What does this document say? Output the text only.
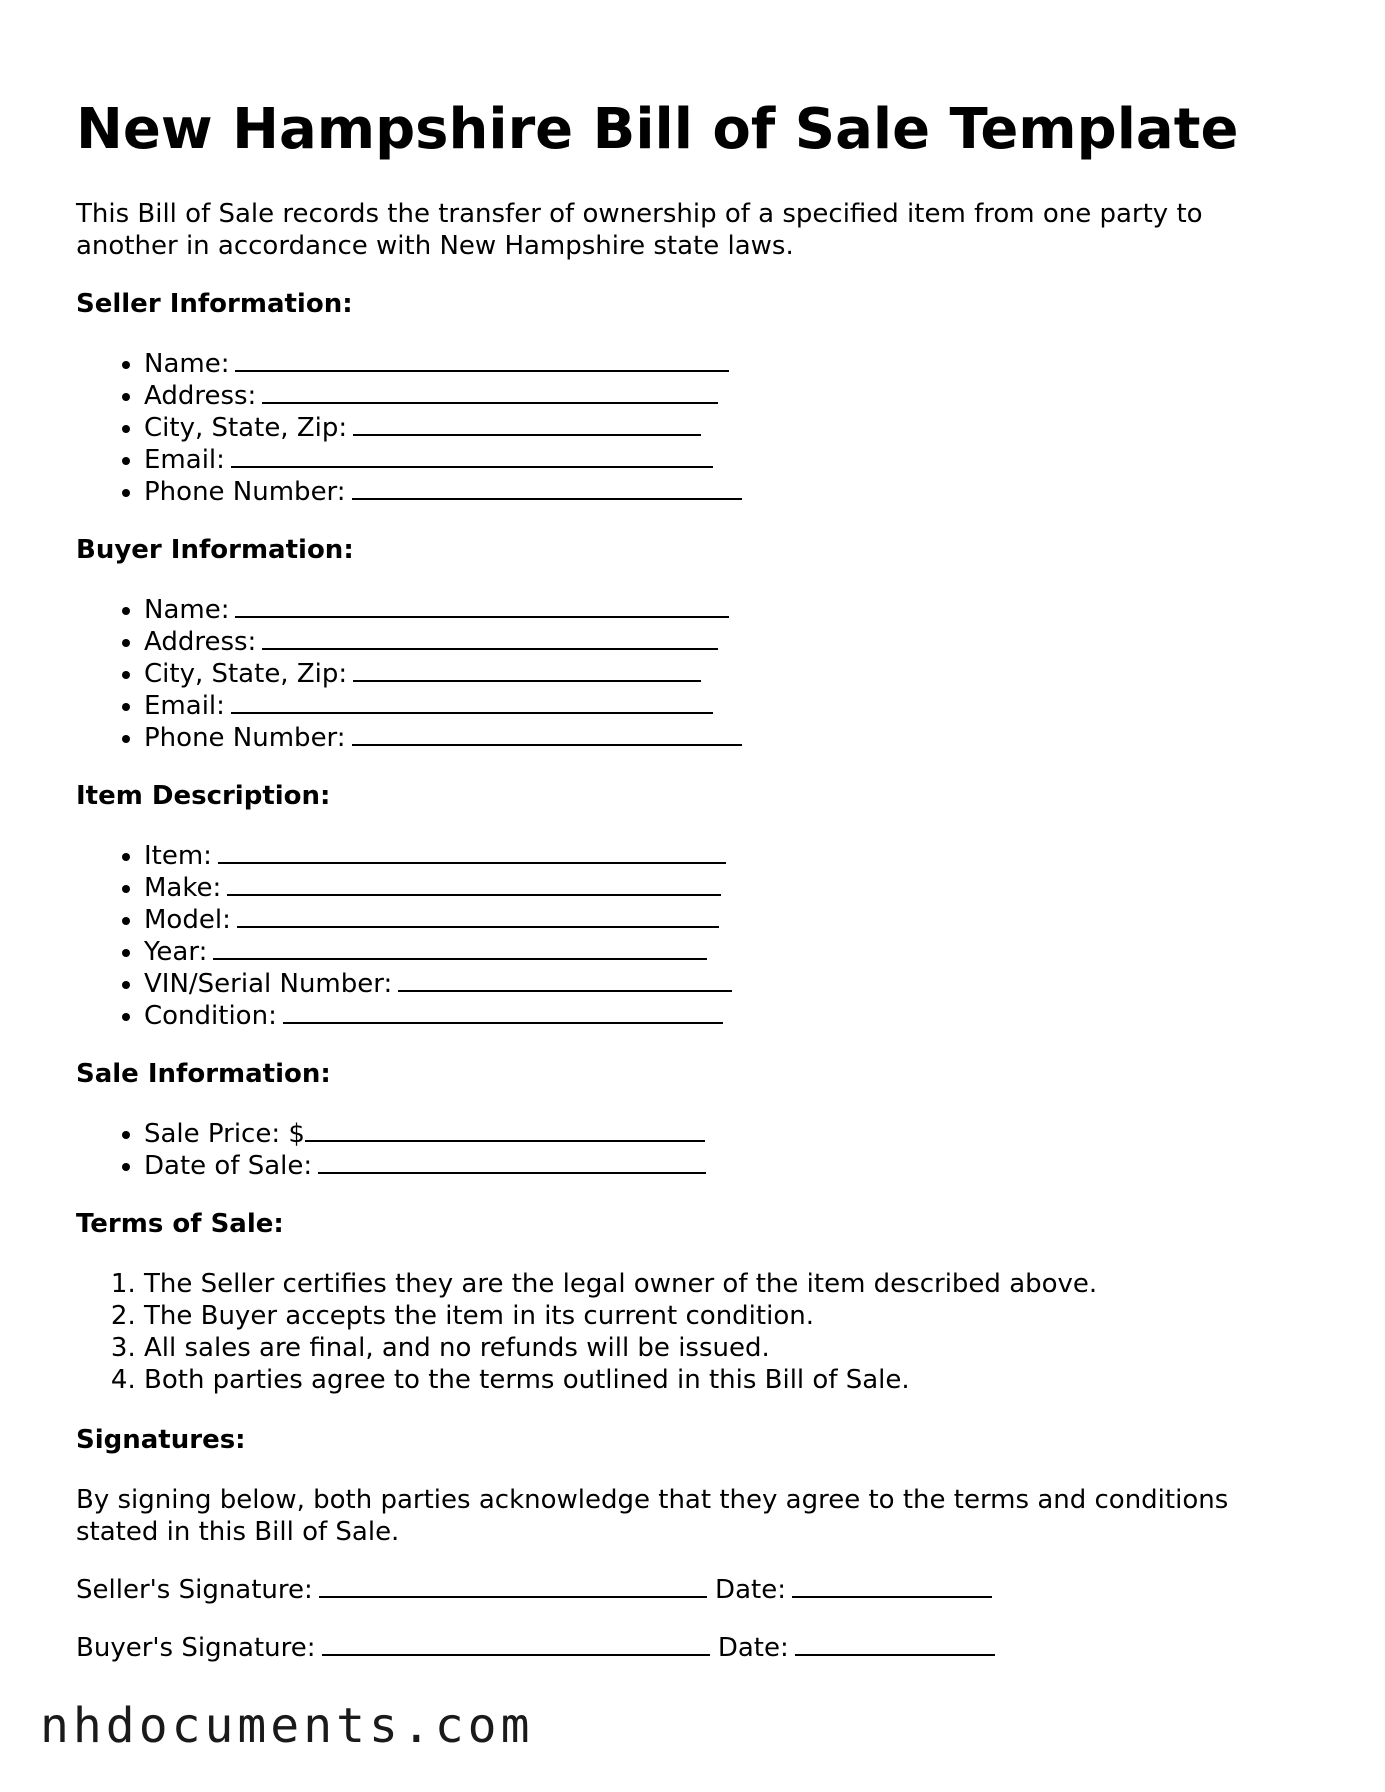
New Hampshire Bill of Sale Template

This Bill of Sale records the transfer of ownership of a specified item from one party to another in accordance with New Hampshire state laws.

Seller Information:
• Name:
• Address:
• City, State, Zip:
• Email:
• Phone Number:
Buyer Information:
• Name:
• Address:
• City, State, Zip:
• Email:
• Phone Number:
Item Description:
• Item:
• Make:
• Model:
• Year:
• VIN/Serial Number:
• Condition:
Sale Information:
• Sale Price: $
• Date of Sale:
Terms of Sale:
1. The Seller certifies they are the legal owner of the item described above.
2. The Buyer accepts the item in its current condition.
3. All sales are final, and no refunds will be issued.
4. Both parties agree to the terms outlined in this Bill of Sale.
Signatures:

By signing below, both parties acknowledge that they agree to the terms and conditions stated in this Bill of Sale.

Seller's Signature:	Date:

Buyer's Signature:	Date:

nhdocuments.com
